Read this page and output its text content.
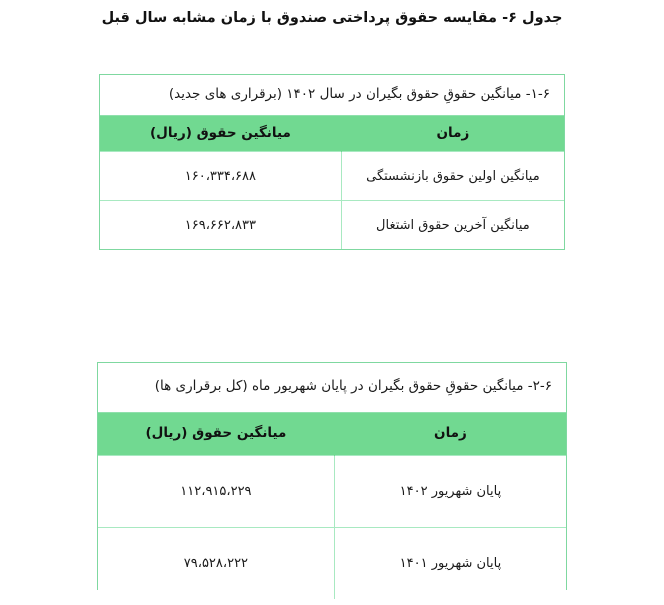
جدول ۶- مقایسه حقوق پرداختی صندوق با زمان مشابه سال قبل
۱-۶- میانگین حقوقِ حقوق بگیران در سال ۱۴۰۲ (برقراری های جدید)	
زمان	میانگین حقوق (ریال)
میانگین اولین حقوق بازنشستگی	۱۶۰،۳۳۴،۶۸۸
میانگین آخرین حقوق اشتغال	۱۶۹،۶۶۲،۸۳۳
۲-۶- میانگین حقوقِ حقوق بگیران در پایان شهریور ماه (کل برقراری ها)	
زمان	میانگین حقوق (ریال)
پایان شهریور ۱۴۰۲	۱۱۲،۹۱۵،۲۲۹
پایان شهریور ۱۴۰۱	۷۹،۵۲۸،۲۲۲
